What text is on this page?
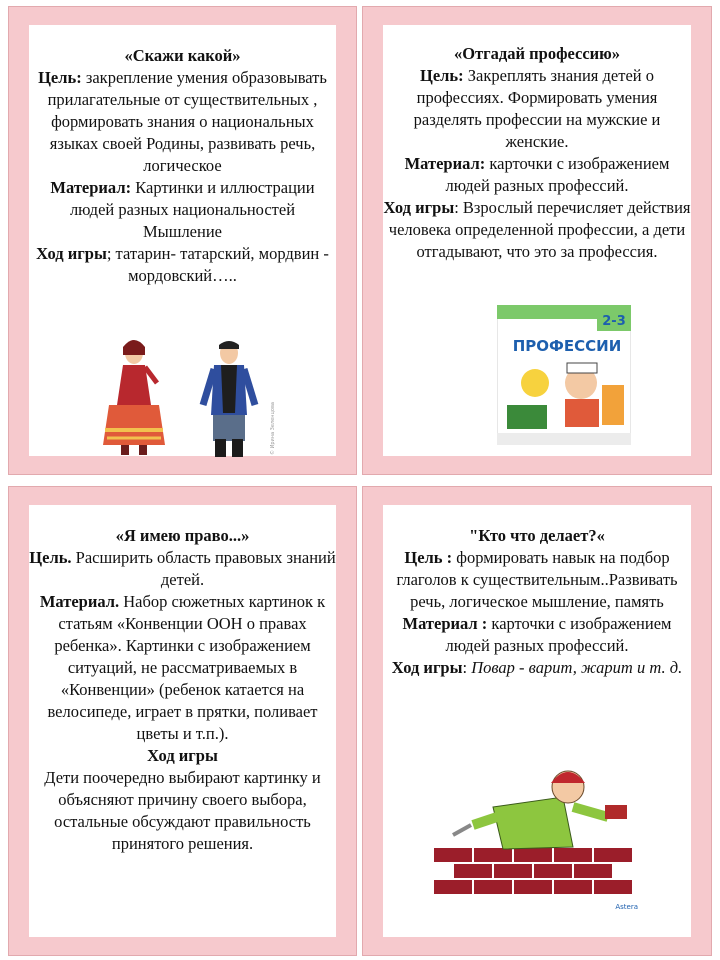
«Скажи какой»

Цель: закрепление умения образовывать прилагательные от существительных , формировать знания о национальных языках своей Родины, развивать речь, логическое

Материал: Картинки и иллюстрации людей разных национальностей

Мышление

Ход игры; татарин- татарский, мордвин - мордовский…..

© Ирина Зеленцова

«Отгадай профессию»

Цель: Закреплять знания детей о профессиях. Формировать умения разделять профессии на мужские и женские.

Материал: карточки с изображением людей разных профессий.

Ход игры: Взрослый перечисляет действия человека определенной профессии, а дети отгадывают, что это за профессия.

2-3
ПРОФЕССИИ

«Я имею право...»

Цель. Расширить область правовых знаний детей.

Материал. Набор сюжетных картинок к статьям «Конвенции ООН о правах ребенка». Картинки с изображением ситуаций, не рассматриваемых в «Конвенции» (ребенок катается на велосипеде, играет в прятки, поливает цветы и т.п.).

Ход игры

Дети поочередно выбирают картинку и объясняют причину своего выбора, остальные обсуждают правильность принятого решения.

"Кто что делает?«

Цель : формировать навык на подбор глаголов к существительным..Развивать речь, логическое мышление, память

Материал : карточки с изображением людей разных профессий.

Ход игры: Повар - варит, жарит и т. д.

Astera
